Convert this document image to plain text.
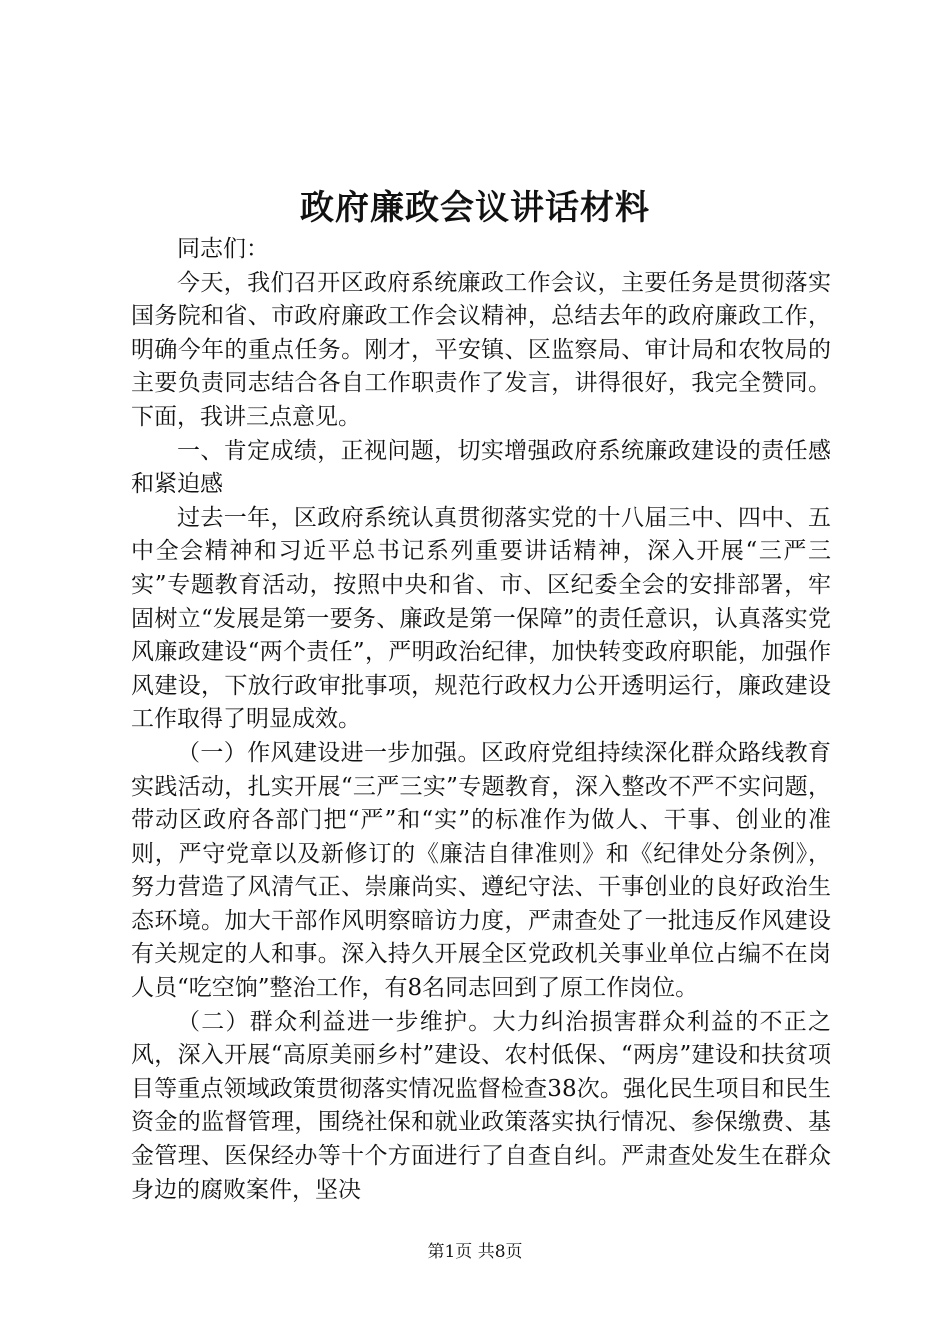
政府廉政会议讲话材料

同志们：

今天，我们召开区政府系统廉政工作会议，主要任务是贯彻落实国务院和省、市政府廉政工作会议精神，总结去年的政府廉政工作，明确今年的重点任务。刚才，平安镇、区监察局、审计局和农牧局的主要负责同志结合各自工作职责作了发言，讲得很好，我完全赞同。下面，我讲三点意见。

一、肯定成绩，正视问题，切实增强政府系统廉政建设的责任感和紧迫感

过去一年，区政府系统认真贯彻落实党的十八届三中、四中、五中全会精神和习近平总书记系列重要讲话精神，深入开展“三严三实”专题教育活动，按照中央和省、市、区纪委全会的安排部署，牢固树立“发展是第一要务、廉政是第一保障”的责任意识，认真落实党风廉政建设“两个责任”，严明政治纪律，加快转变政府职能，加强作风建设，下放行政审批事项，规范行政权力公开透明运行，廉政建设工作取得了明显成效。

（一）作风建设进一步加强。区政府党组持续深化群众路线教育实践活动，扎实开展“三严三实”专题教育，深入整改不严不实问题，带动区政府各部门把“严”和“实”的标准作为做人、干事、创业的准则，严守党章以及新修订的《廉洁自律准则》和《纪律处分条例》，努力营造了风清气正、崇廉尚实、遵纪守法、干事创业的良好政治生态环境。加大干部作风明察暗访力度，严肃查处了一批违反作风建设有关规定的人和事。深入持久开展全区党政机关事业单位占编不在岗人员“吃空饷”整治工作，有8名同志回到了原工作岗位。

（二）群众利益进一步维护。大力纠治损害群众利益的不正之风，深入开展“高原美丽乡村”建设、农村低保、“两房”建设和扶贫项目等重点领域政策贯彻落实情况监督检查38次。强化民生项目和民生资金的监督管理，围绕社保和就业政策落实执行情况、参保缴费、基金管理、医保经办等十个方面进行了自查自纠。严肃查处发生在群众身边的腐败案件，坚决

第1页 共8页
